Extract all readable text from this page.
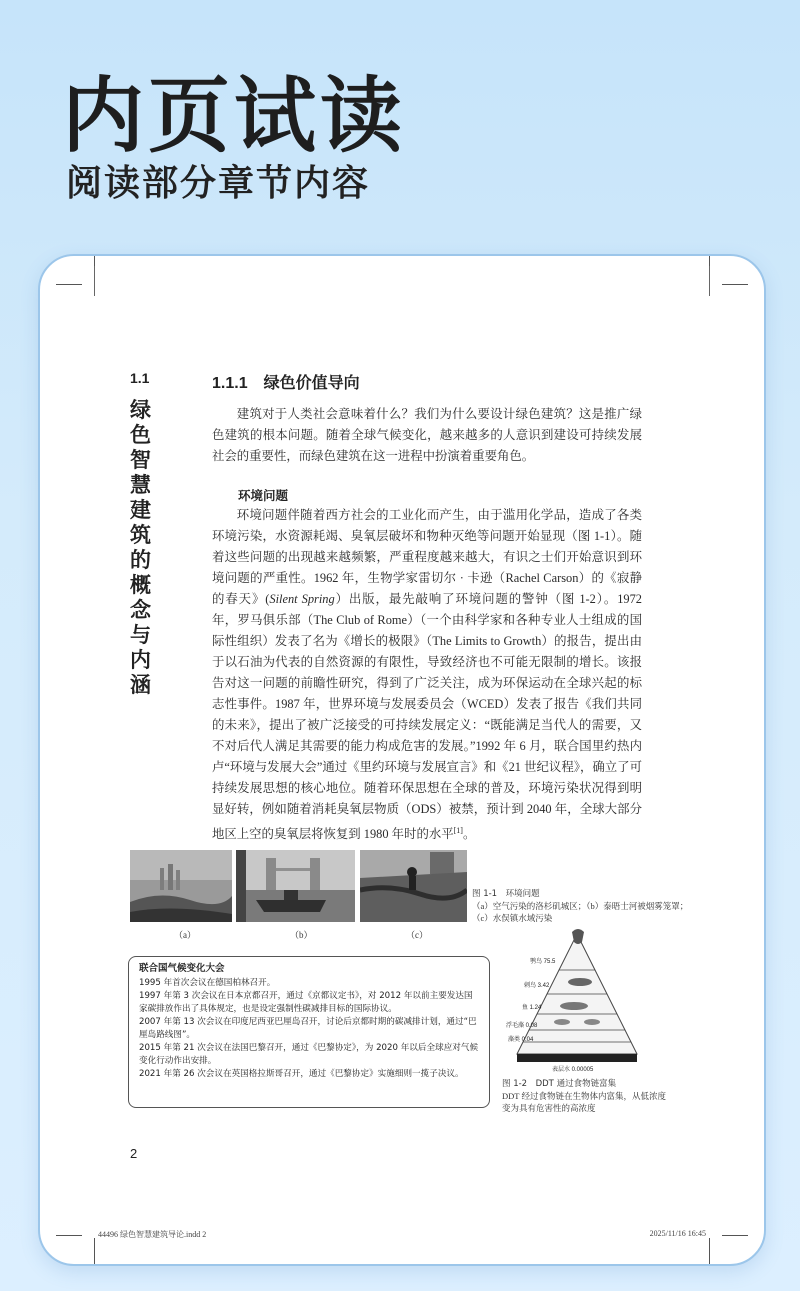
内页试读
阅读部分章节内容
1.1
绿色智慧建筑的概念与内涵
1.1.1 绿色价值导向

建筑对于人类社会意味着什么？我们为什么要设计绿色建筑？这是推广绿色建筑的根本问题。随着全球气候变化，越来越多的人意识到建设可持续发展社会的重要性，而绿色建筑在这一进程中扮演着重要角色。

环境问题

环境问题伴随着西方社会的工业化而产生，由于滥用化学品，造成了各类环境污染，水资源耗竭、臭氧层破坏和物种灭绝等问题开始显现（图 1-1）。随着这些问题的出现越来越频繁，严重程度越来越大，有识之士们开始意识到环境问题的严重性。1962 年，生物学家雷切尔 · 卡逊（Rachel Carson）的《寂静的春天》(Silent Spring）出版，最先敲响了环境问题的警钟（图 1-2）。1972 年，罗马俱乐部（The Club of Rome）（一个由科学家和各种专业人士组成的国际性组织）发表了名为《增长的极限》（The Limits to Growth）的报告，提出由于以石油为代表的自然资源的有限性，导致经济也不可能无限制的增长。该报告对这一问题的前瞻性研究，得到了广泛关注，成为环保运动在全球兴起的标志性事件。1987 年，世界环境与发展委员会（WCED）发表了报告《我们共同的未来》，提出了被广泛接受的可持续发展定义：“既能满足当代人的需要，又不对后代人满足其需要的能力构成危害的发展。”1992 年 6 月，联合国里约热内卢“环境与发展大会”通过《里约环境与发展宣言》和《21 世纪议程》，确立了可持续发展思想的核心地位。随着环保思想在全球的普及，环境污染状况得到明显好转，例如随着消耗臭氧层物质（ODS）被禁，预计到 2040 年，全球大部分地区上空的臭氧层将恢复到 1980 年时的水平[1]。

（a）	（b）	（c）
图 1-1　环境问题
（a）空气污染的洛杉矶城区；（b）泰晤士河被烟雾笼罩；（c）水俣镇水域污染
联合国气候变化大会

1995 年首次会议在德国柏林召开。

1997 年第 3 次会议在日本京都召开，通过《京都议定书》，对 2012 年以前主要发达国家碳排放作出了具体规定，也是设定强制性碳减排目标的国际协议。

2007 年第 13 次会议在印度尼西亚巴厘岛召开，讨论后京都时期的碳减排计划，通过“巴厘岛路线图”。

2015 年第 21 次会议在法国巴黎召开，通过《巴黎协定》，为 2020 年以后全球应对气候变化行动作出安排。

2021 年第 26 次会议在英国格拉斯哥召开，通过《巴黎协定》实施细则一揽子决议。

鹗鸟 75.5
刺鸟 3.42
鱼 1.24
浮毛藻 0.08
藻类 0.04
表层水 0.00005
图 1-2　DDT 通过食物链富集
DDT 经过食物链在生物体内富集，从低浓度变为具有危害性的高浓度
2
44496 绿色智慧建筑导论.indd 2	2025/11/16 16:45
